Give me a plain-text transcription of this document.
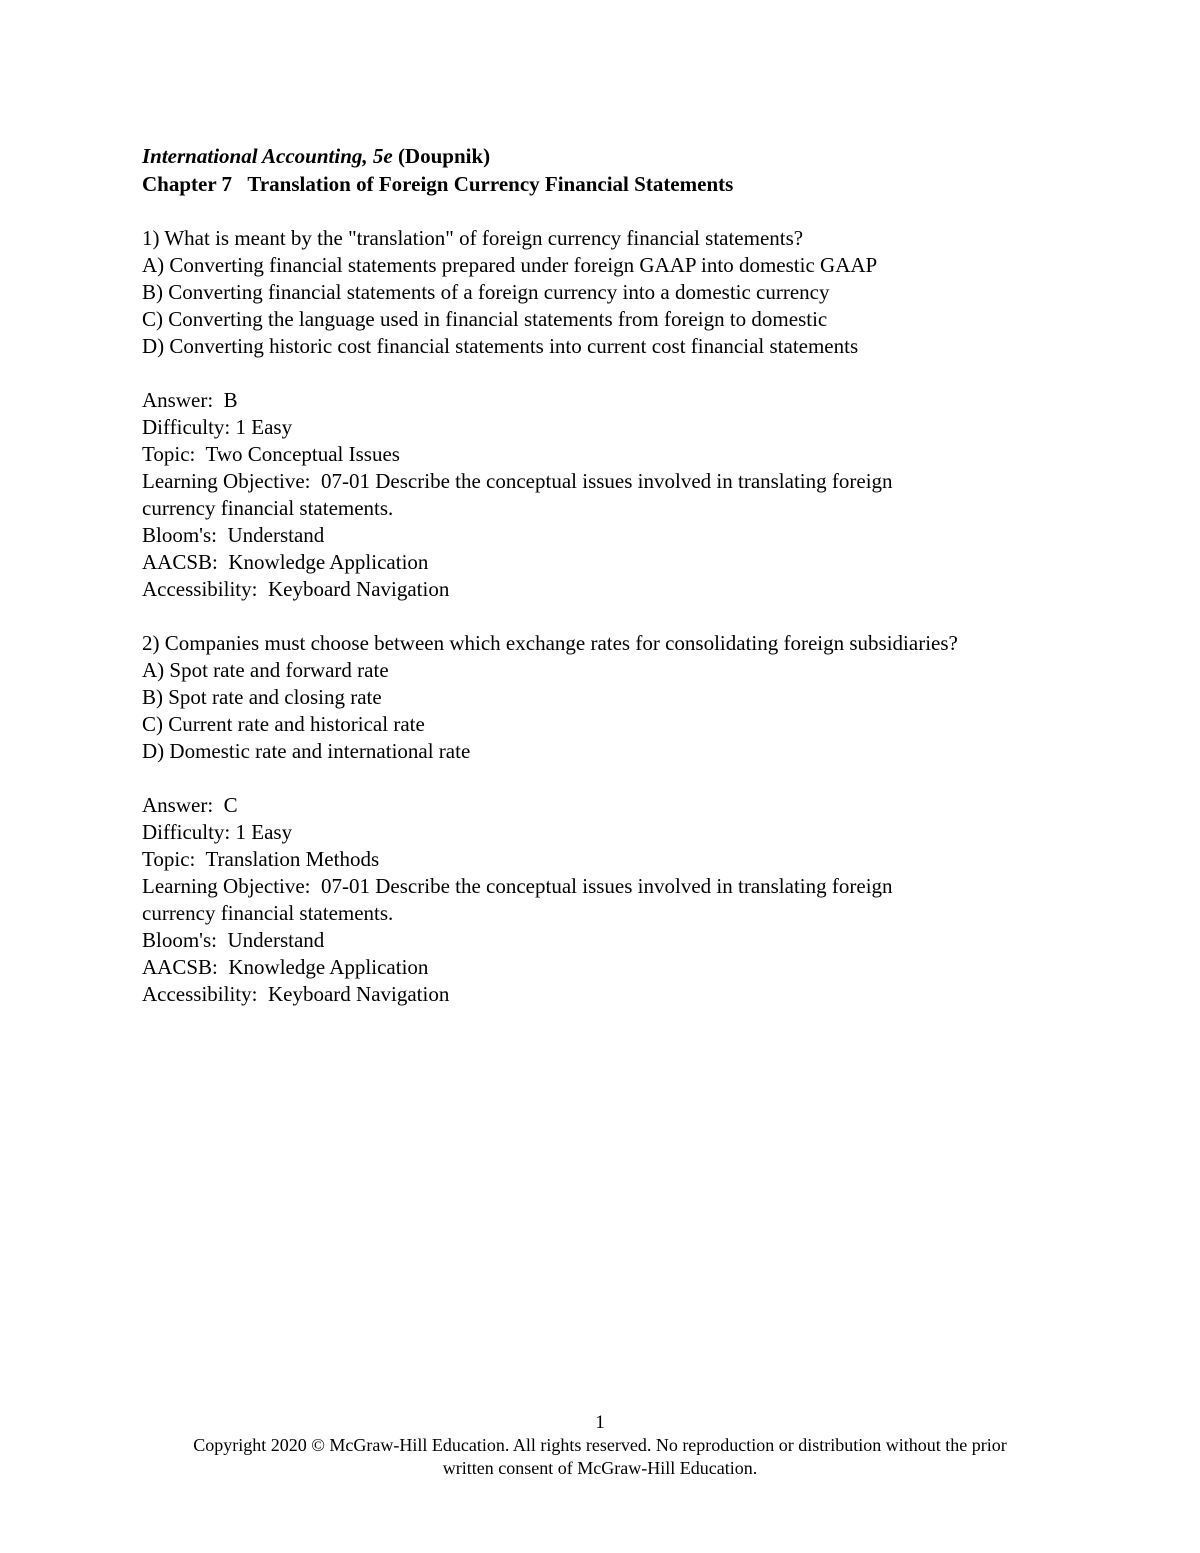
International Accounting, 5e (Doupnik)
Chapter 7   Translation of Foreign Currency Financial Statements
1) What is meant by the "translation" of foreign currency financial statements?
A) Converting financial statements prepared under foreign GAAP into domestic GAAP
B) Converting financial statements of a foreign currency into a domestic currency
C) Converting the language used in financial statements from foreign to domestic
D) Converting historic cost financial statements into current cost financial statements
Answer:  B
Difficulty: 1 Easy
Topic:  Two Conceptual Issues
Learning Objective:  07-01 Describe the conceptual issues involved in translating foreign
currency financial statements.
Bloom's:  Understand
AACSB:  Knowledge Application
Accessibility:  Keyboard Navigation
2) Companies must choose between which exchange rates for consolidating foreign subsidiaries?
A) Spot rate and forward rate
B) Spot rate and closing rate
C) Current rate and historical rate
D) Domestic rate and international rate
Answer:  C
Difficulty: 1 Easy
Topic:  Translation Methods
Learning Objective:  07-01 Describe the conceptual issues involved in translating foreign
currency financial statements.
Bloom's:  Understand
AACSB:  Knowledge Application
Accessibility:  Keyboard Navigation
1
Copyright 2020 © McGraw-Hill Education. All rights reserved. No reproduction or distribution without the prior
written consent of McGraw-Hill Education.
